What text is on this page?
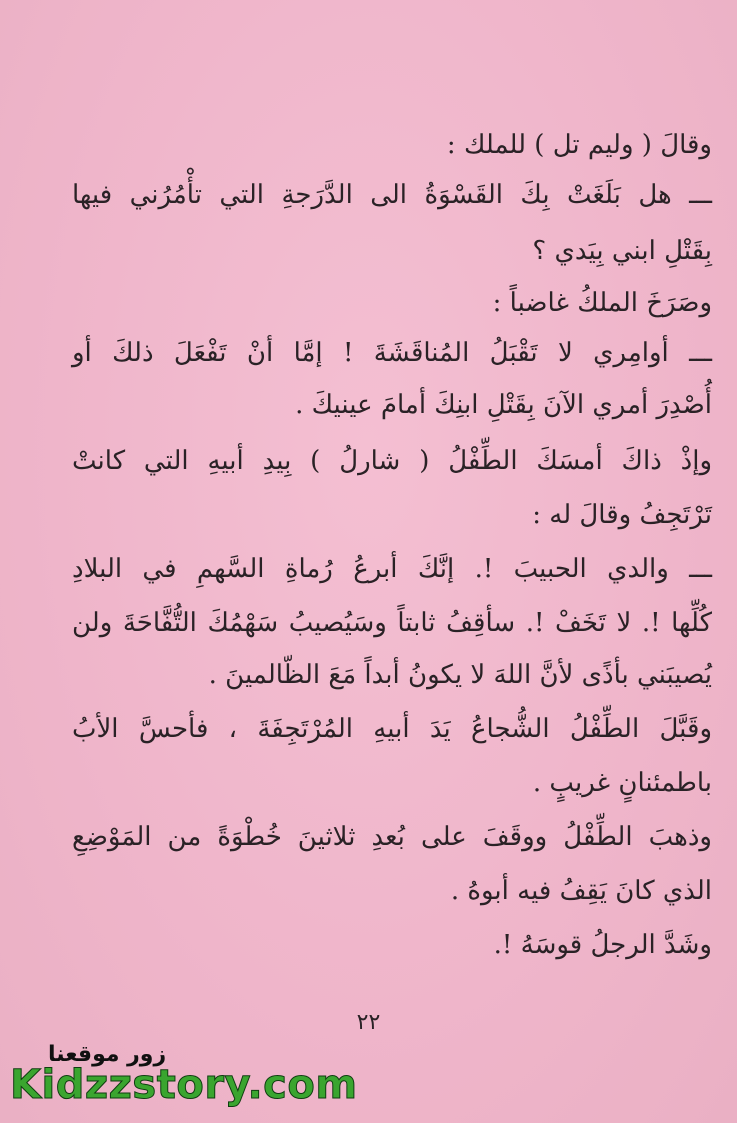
وقالَ ( وليم تل ) للملك :
ـــ هل بَلَغَتْ بِكَ القَسْوَةُ الى الدَّرَجةِ التي تأْمُرُني فيها
بِقَتْلِ ابني بِيَدي ؟
وصَرَخَ الملكُ غاضباً :
ـــ أوامِري لا تَقْبَلُ المُناقَشَةَ ! إمَّا أنْ تَفْعَلَ ذلكَ أو
أُصْدِرَ أمري الآنَ بِقَتْلِ ابنِكَ أمامَ عينيكَ .
وإذْ ذاكَ أمسَكَ الطِّفْلُ ( شارلُ ) بِيدِ أبيهِ التي كانتْ
تَرْتَجِفُ وقالَ له :
ـــ والدي الحبيبَ !. إنَّكَ أبرعُ رُماةِ السَّهمِ في البلادِ
كُلِّها !. لا تَخَفْ !. سأقِفُ ثابتاً وسَيُصيبُ سَهْمُكَ التُّفَّاحَةَ ولن
يُصيبَني بأذًى لأنَّ اللهَ لا يكونُ أبداً مَعَ الظّالمينَ .
وقَبَّلَ الطِّفْلُ الشُّجاعُ يَدَ أبيهِ المُرْتَجِفَةَ ، فأحسَّ الأبُ
باطمئنانٍ غريبٍ .
وذهبَ الطِّفْلُ ووقَفَ على بُعدِ ثلاثينَ خُطْوَةً من المَوْضِعِ
الذي كانَ يَقِفُ فيه أبوهُ .
وشَدَّ الرجلُ قوسَهُ !.
٢٢
زور موقعنا
Kidzzstory.com
